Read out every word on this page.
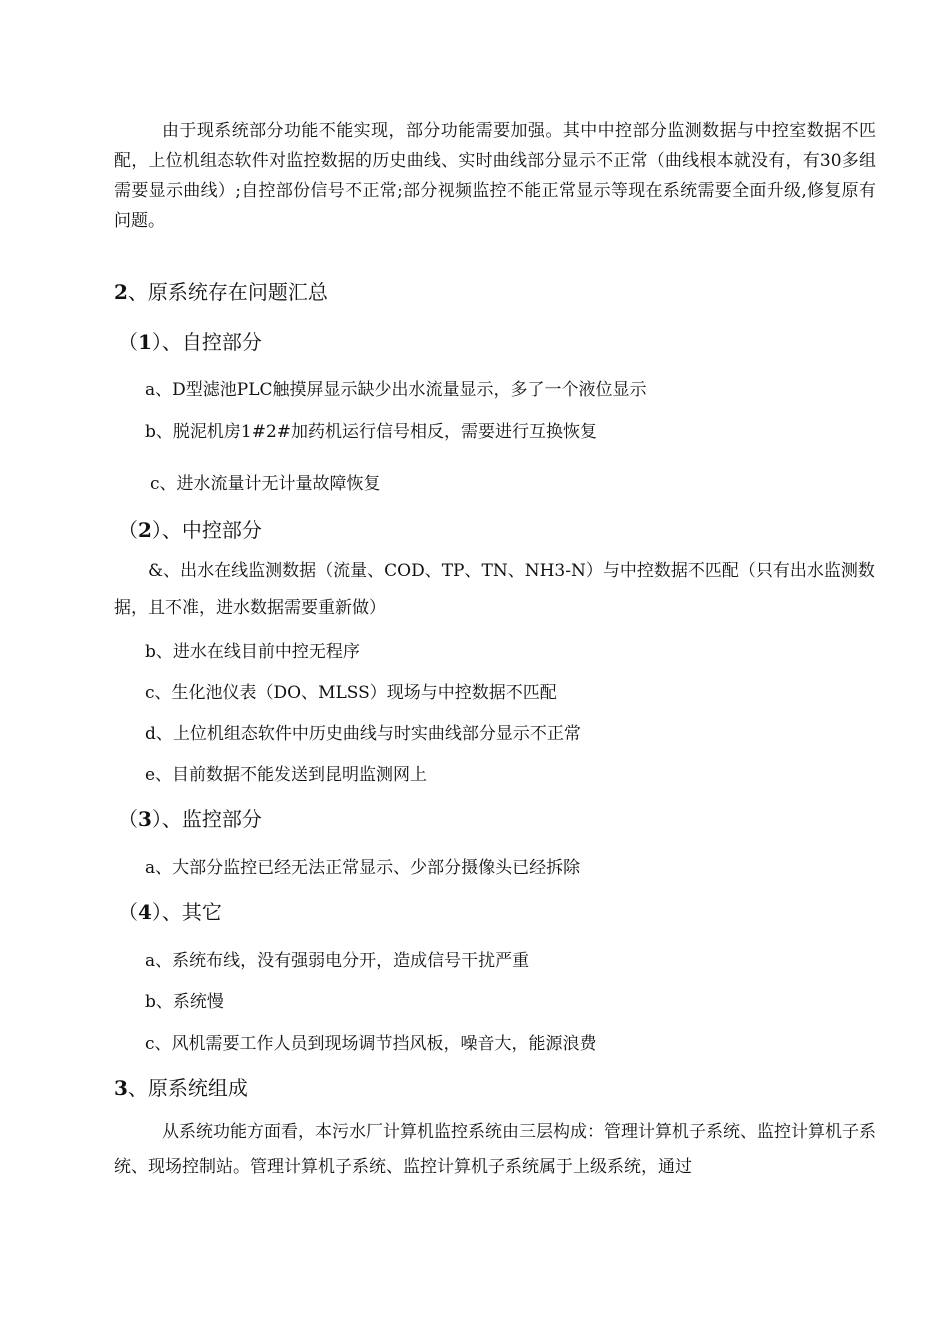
由于现系统部分功能不能实现，部分功能需要加强。其中中控部分监测数据与中控室数据不匹配，上位机组态软件对监控数据的历史曲线、实时曲线部分显示不正常（曲线根本就没有，有30多组需要显示曲线）;自控部份信号不正常;部分视频监控不能正常显示等现在系统需要全面升级,修复原有问题。

2、原系统存在问题汇总

（1）、自控部分

a、D型滤池PLC触摸屏显示缺少出水流量显示，多了一个液位显示

b、脱泥机房1#2#加药机运行信号相反，需要进行互换恢复

c、进水流量计无计量故障恢复

（2）、中控部分

&、出水在线监测数据（流量、COD、TP、TN、NH3-N）与中控数据不匹配（只有出水监测数据，且不准，进水数据需要重新做）

b、进水在线目前中控无程序

c、生化池仪表（DO、MLSS）现场与中控数据不匹配

d、上位机组态软件中历史曲线与时实曲线部分显示不正常

e、目前数据不能发送到昆明监测网上

（3）、监控部分

a、大部分监控已经无法正常显示、少部分摄像头已经拆除

（4）、其它

a、系统布线，没有强弱电分开，造成信号干扰严重

b、系统慢

c、风机需要工作人员到现场调节挡风板，噪音大，能源浪费

3、原系统组成

从系统功能方面看，本污水厂计算机监控系统由三层构成：管理计算机子系统、监控计算机子系统、现场控制站。管理计算机子系统、监控计算机子系统属于上级系统，通过
